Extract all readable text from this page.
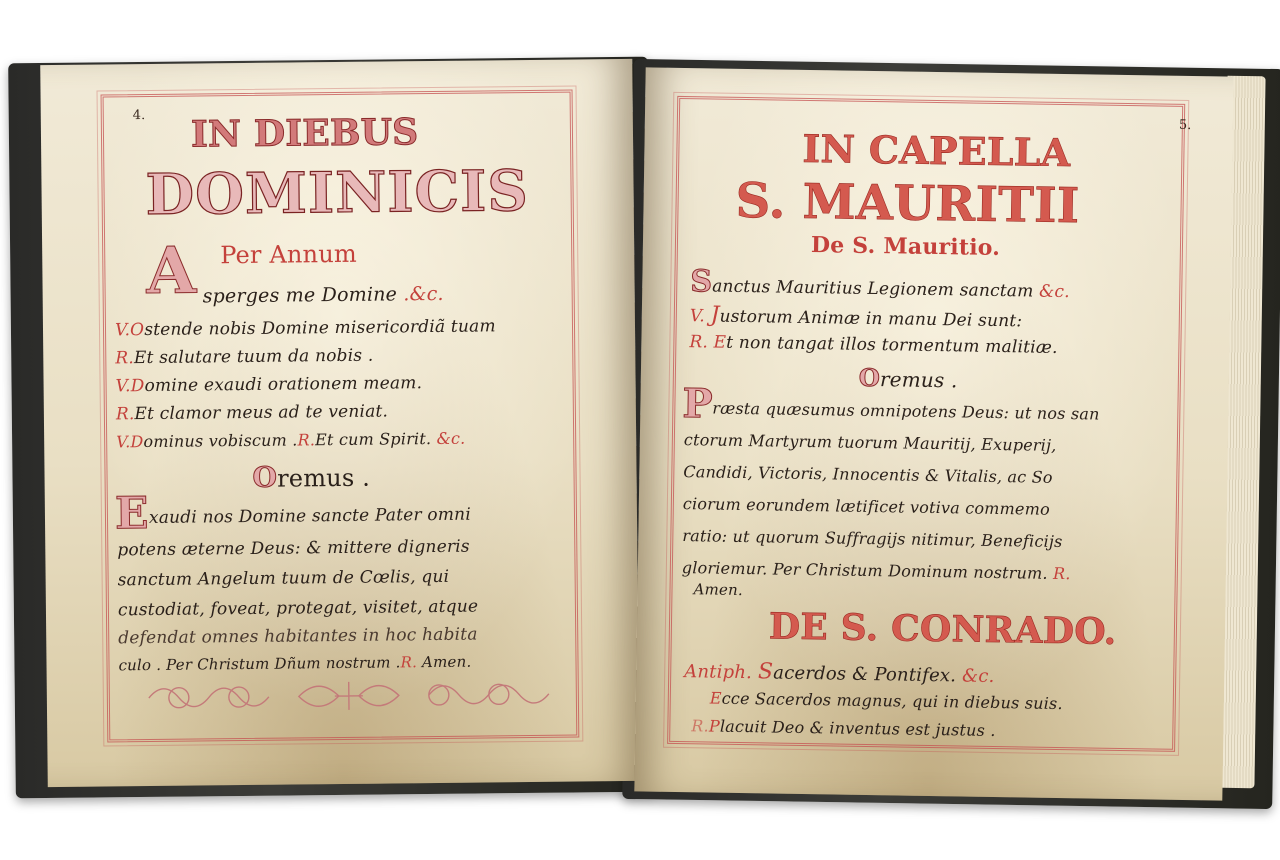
4. IN DIEBUS
DOMINICIS
A Per Annum
sperges me Domine .&c.
V.Ostende nobis Domine misericordiã tuam
R.Et salutare tuum da nobis .
V.Domine exaudi orationem meam.
R.Et clamor meus ad te veniat.
V.Dominus vobiscum .R.Et cum Spirit. &c.
Oremus .
E xaudi nos Domine sancte Pater omni
potens æterne Deus: & mittere digneris
sanctum Angelum tuum de Cœlis, qui
custodiat, foveat, protegat, visitet, atque
defendat omnes habitantes in hoc habita
culo . Per Christum Dñum nostrum .R. Amen.
5.
IN CAPELLA
S. MAURITII
De S. Mauritio.
Sanctus Mauritius Legionem sanctam &c.
V. Justorum Animæ in manu Dei sunt:
R. Et non tangat illos tormentum malitiæ.
Oremus .
P ræsta quæsumus omnipotens Deus: ut nos san
ctorum Martyrum tuorum Mauritij, Exuperij,
Candidi, Victoris, Innocentis & Vitalis, ac So
ciorum eorundem lætificet votiva commemo
ratio: ut quorum Suffragijs nitimur, Beneficijs
gloriemur. Per Christum Dominum nostrum. R.
Amen.
DE S. CONRADO.
Antiph. Sacerdos & Pontifex. &c.
Ecce Sacerdos magnus, qui in diebus suis.
R.Placuit Deo & inventus est justus .
